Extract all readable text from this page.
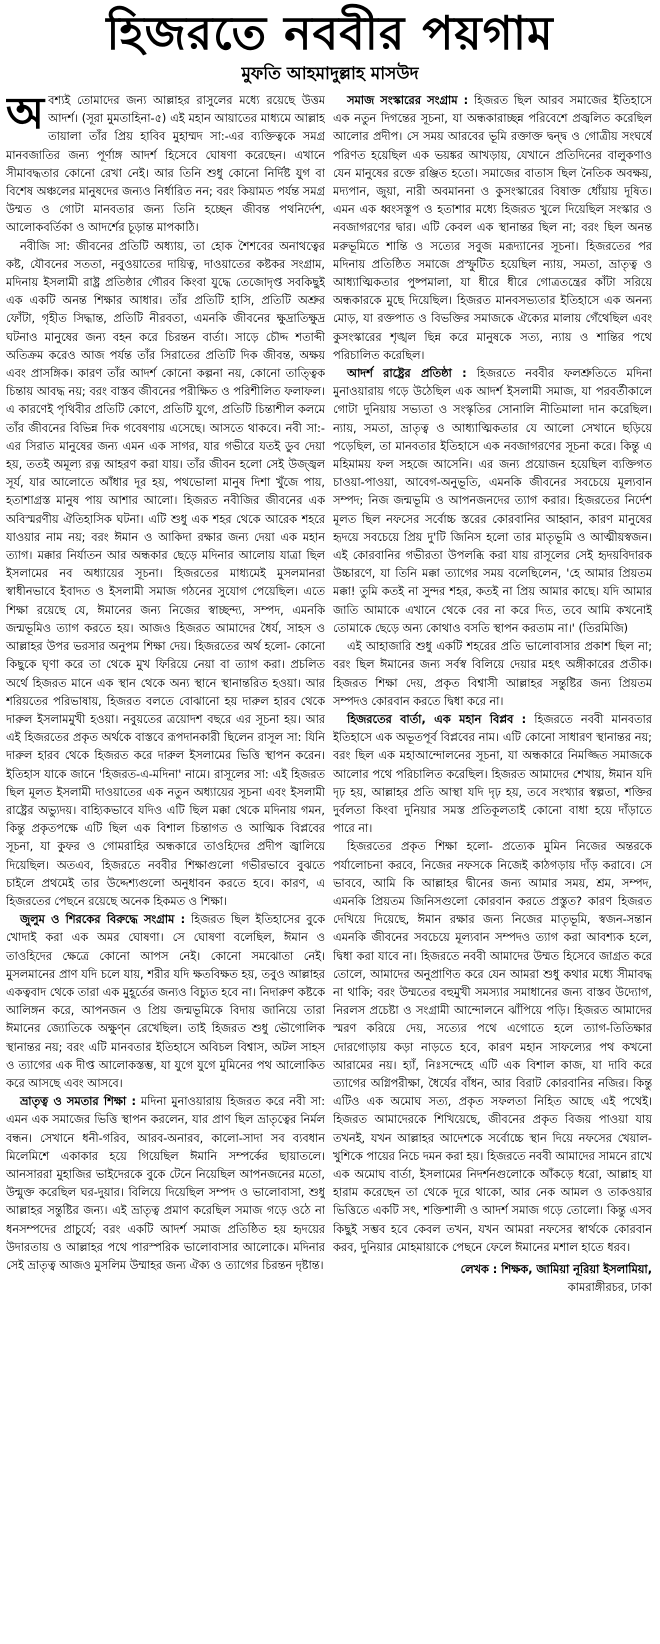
হিজরতে নববীর পয়গাম
মুফতি আহমাদুল্লাহ মাসউদ

অবশ্যই তোমাদের জন্য আল্লাহর রাসুলের মধ্যে রয়েছে উত্তম আদর্শ। (সূরা মুমতাহিনা-৫) এই মহান আয়াতের মাধ্যমে আল্লাহ তায়ালা তাঁর প্রিয় হাবিব মুহাম্মদ সা:-এর ব্যক্তিত্বকে সমগ্র মানবজাতির জন্য পূর্ণাঙ্গ আদর্শ হিসেবে ঘোষণা করেছেন। এখানে সীমাবদ্ধতার কোনো রেখা নেই। আর তিনি শুধু কোনো নির্দিষ্ট যুগ বা বিশেষ অঞ্চলের মানুষদের জন্যও নির্ধারিত নন; বরং কিয়ামত পর্যন্ত সমগ্র উম্মত ও গোটা মানবতার জন্য তিনি হচ্ছেন জীবন্ত পথনির্দেশ, আলোকবর্তিকা ও আদর্শের চূড়ান্ত মাপকাঠি।

নবীজি সা: জীবনের প্রতিটি অধ্যায়, তা হোক শৈশবের অনাথত্বের কষ্ট, যৌবনের সততা, নবুওয়াতের দায়িত্ব, দাওয়াতের কষ্টকর সংগ্রাম, মদিনায় ইসলামী রাষ্ট্র প্রতিষ্ঠার গৌরব কিংবা যুদ্ধে তেজোদৃপ্ত সবকিছুই এক একটি অনন্ত শিক্ষার আধার। তাঁর প্রতিটি হাসি, প্রতিটি অশ্রুর ফোঁটা, গৃহীত সিদ্ধান্ত, প্রতিটি নীরবতা, এমনকি জীবনের ক্ষুদ্রাতিক্ষুদ্র ঘটনাও মানুষের জন্য বহন করে চিরন্তন বার্তা। সাড়ে চৌদ্দ শতাব্দী অতিক্রম করেও আজ পর্যন্ত তাঁর সিরাতের প্রতিটি দিক জীবন্ত, অক্ষয় এবং প্রাসঙ্গিক। কারণ তাঁর আদর্শ কোনো কল্পনা নয়, কোনো তাত্ত্বিক চিন্তায় আবদ্ধ নয়; বরং বাস্তব জীবনের পরীক্ষিত ও পরিশীলিত ফলাফল। এ কারণেই পৃথিবীর প্রতিটি কোণে, প্রতিটি যুগে, প্রতিটি চিন্তাশীল কলমে তাঁর জীবনের বিভিন্ন দিক গবেষণায় এসেছে। আসতে থাকবে। নবী সা:-এর সিরাত মানুষের জন্য এমন এক সাগর, যার গভীরে যতই ডুব দেয়া হয়, ততই অমূল্য রত্ন আহরণ করা যায়। তাঁর জীবন হলো সেই উজ্জ্বল সূর্য, যার আলোতে আঁধার দূর হয়, পথভোলা মানুষ দিশা খুঁজে পায়, হতাশাগ্রস্ত মানুষ পায় আশার আলো। হিজরত নবীজির জীবনের এক অবিস্মরণীয় ঐতিহাসিক ঘটনা। এটি শুধু এক শহর থেকে আরেক শহরে যাওয়ার নাম নয়; বরং ঈমান ও আকিদা রক্ষার জন্য দেয়া এক মহান ত্যাগ। মক্কার নির্যাতন আর অন্ধকার ছেড়ে মদিনার আলোয় যাত্রা ছিল ইসলামের নব অধ্যায়ের সূচনা। হিজরতের মাধ্যমেই মুসলমানরা স্বাধীনভাবে ইবাদত ও ইসলামী সমাজ গঠনের সুযোগ পেয়েছিল। এতে শিক্ষা রয়েছে যে, ঈমানের জন্য নিজের স্বাচ্ছন্দ্য, সম্পদ, এমনকি জন্মভূমিও ত্যাগ করতে হয়। আজও হিজরত আমাদের ধৈর্য, সাহস ও আল্লাহর উপর ভরসার অনুপম শিক্ষা দেয়। হিজরতের অর্থ হলো- কোনো কিছুকে ঘৃণা করে তা থেকে মুখ ফিরিয়ে নেয়া বা ত্যাগ করা। প্রচলিত অর্থে হিজরত মানে এক স্থান থেকে অন্য স্থানে স্থানান্তরিত হওয়া। আর শরিয়তের পরিভাষায়, হিজরত বলতে বোঝানো হয় দারুল হারব থেকে দারুল ইসলামমুখী হওয়া। নবুয়তের ত্রয়োদশ বছরে এর সূচনা হয়। আর এই হিজরতের প্রকৃত অর্থকে বাস্তবে রূপদানকারী ছিলেন রাসূল সা: যিনি দারুল হারব থেকে হিজরত করে দারুল ইসলামের ভিত্তি স্থাপন করেন। ইতিহাস যাকে জানে 'হিজরত-এ-মদিনা' নামে। রাসূলের সা: এই হিজরত ছিল মূলত ইসলামী দাওয়াতের এক নতুন অধ্যায়ের সূচনা এবং ইসলামী রাষ্ট্রের অভ্যুদয়। বাহ্যিকভাবে যদিও এটি ছিল মক্কা থেকে মদিনায় গমন, কিন্তু প্রকৃতপক্ষে এটি ছিল এক বিশাল চিন্তাগত ও আত্মিক বিপ্লবের সূচনা, যা কুফর ও গোমরাহির অন্ধকারে তাওহিদের প্রদীপ জ্বালিয়ে দিয়েছিল। অতএব, হিজরতে নববীর শিক্ষাগুলো গভীরভাবে বুঝতে চাইলে প্রথমেই তার উদ্দেশ্যগুলো অনুধাবন করতে হবে। কারণ, এ হিজরতের পেছনে রয়েছে অনেক হিকমত ও শিক্ষা।

জুলুম ও শিরকের বিরুদ্ধে সংগ্রাম : হিজরত ছিল ইতিহাসের বুকে খোদাই করা এক অমর ঘোষণা। সে ঘোষণা বলেছিল, ঈমান ও তাওহিদের ক্ষেত্রে কোনো আপস নেই। কোনো সমঝোতা নেই। মুসলমানের প্রাণ যদি চলে যায়, শরীর যদি ক্ষতবিক্ষত হয়, তবুও আল্লাহর একত্ববাদ থেকে তারা এক মুহূর্তের জন্যও বিচ্যুত হবে না। নিদারুণ কষ্টকে আলিঙ্গন করে, আপনজন ও প্রিয় জন্মভূমিকে বিদায় জানিয়ে তারা ঈমানের জ্যোতিকে অক্ষুণ্ন রেখেছিল। তাই হিজরত শুধু ভৌগোলিক স্থানান্তর নয়; বরং এটি মানবতার ইতিহাসে অবিচল বিশ্বাস, অটল সাহস ও ত্যাগের এক দীপ্ত আলোকস্তম্ভ, যা যুগে যুগে মুমিনের পথ আলোকিত করে আসছে এবং আসবে।

ভ্রাতৃত্ব ও সমতার শিক্ষা : মদিনা মুনাওয়ারায় হিজরত করে নবী সা: এমন এক সমাজের ভিত্তি স্থাপন করলেন, যার প্রাণ ছিল ভ্রাতৃত্বের নির্মল বন্ধন। সেখানে ধনী-গরিব, আরব-অনারব, কালো-সাদা সব ব্যবধান মিলেমিশে একাকার হয়ে গিয়েছিল ঈমানি সম্পর্কের ছায়াতলে। আনসাররা মুহাজির ভাইদেরকে বুকে টেনে নিয়েছিল আপনজনের মতো, উন্মুক্ত করেছিল ঘর-দুয়ার। বিলিয়ে দিয়েছিল সম্পদ ও ভালোবাসা, শুধু আল্লাহর সন্তুষ্টির জন্য। এই ভ্রাতৃত্ব প্রমাণ করেছিল সমাজ গড়ে ওঠে না ধনসম্পদের প্রাচুর্যে; বরং একটি আদর্শ সমাজ প্রতিষ্ঠিত হয় হৃদয়ের উদারতায় ও আল্লাহর পথে পারস্পরিক ভালোবাসার আলোকে। মদিনার সেই ভ্রাতৃত্ব আজও মুসলিম উম্মাহর জন্য ঐক্য ও ত্যাগের চিরন্তন দৃষ্টান্ত।

সমাজ সংস্কারের সংগ্রাম : হিজরত ছিল আরব সমাজের ইতিহাসে এক নতুন দিগন্তের সূচনা, যা অন্ধকারাচ্ছন্ন পরিবেশে প্রজ্বলিত করেছিল আলোর প্রদীপ। সে সময় আরবের ভূমি রক্তাক্ত দ্বন্দ্ব ও গোত্রীয় সংঘর্ষে পরিণত হয়েছিল এক ভয়ঙ্কর আখড়ায়, যেখানে প্রতিদিনের বালুকণাও যেন মানুষের রক্তে রঞ্জিত হতো। সমাজের বাতাস ছিল নৈতিক অবক্ষয়, মদ্যপান, জুয়া, নারী অবমাননা ও কুসংস্কারের বিষাক্ত ধোঁয়ায় দূষিত। এমন এক ধ্বংসস্তূপ ও হতাশার মধ্যে হিজরত খুলে দিয়েছিল সংস্কার ও নবজাগরণের দ্বার। এটি কেবল এক স্থানান্তর ছিল না; বরং ছিল অনন্ত মরুভূমিতে শান্তি ও সত্যের সবুজ মরূদ্যানের সূচনা। হিজরতের পর মদিনায় প্রতিষ্ঠিত সমাজে প্রস্ফুটিত হয়েছিল ন্যায়, সমতা, ভ্রাতৃত্ব ও আধ্যাত্মিকতার পুষ্পমালা, যা ধীরে ধীরে গোত্রতন্ত্রের কাঁটা সরিয়ে অন্ধকারকে মুছে দিয়েছিল। হিজরত মানবসভ্যতার ইতিহাসে এক অনন্য মোড়, যা রক্তপাত ও বিভক্তির সমাজকে ঐক্যের মালায় গেঁথেছিল এবং কুসংস্কারের শৃঙ্খল ছিন্ন করে মানুষকে সত্য, ন্যায় ও শান্তির পথে পরিচালিত করেছিল।

আদর্শ রাষ্ট্রের প্রতিষ্ঠা : হিজরতে নববীর ফলশ্রুতিতে মদিনা মুনাওয়ারায় গড়ে উঠেছিল এক আদর্শ ইসলামী সমাজ, যা পরবর্তীকালে গোটা দুনিয়ায় সভ্যতা ও সংস্কৃতির সোনালি নীতিমালা দান করেছিল। ন্যায়, সমতা, ভ্রাতৃত্ব ও আধ্যাত্মিকতার যে আলো সেখানে ছড়িয়ে পড়েছিল, তা মানবতার ইতিহাসে এক নবজাগরণের সূচনা করে। কিন্তু এ মহিমাময় ফল সহজে আসেনি। এর জন্য প্রয়োজন হয়েছিল ব্যক্তিগত চাওয়া-পাওয়া, আবেগ-অনুভূতি, এমনকি জীবনের সবচেয়ে মূল্যবান সম্পদ; নিজ জন্মভূমি ও আপনজনদের ত্যাগ করার। হিজরতের নির্দেশ মূলত ছিল নফসের সর্বোচ্চ স্তরের কোরবানির আহ্বান, কারণ মানুষের হৃদয়ে সবচেয়ে প্রিয় দু'টি জিনিস হলো তার মাতৃভূমি ও আত্মীয়স্বজন। এই কোরবানির গভীরতা উপলব্ধি করা যায় রাসূলের সেই হৃদয়বিদারক উচ্চারণে, যা তিনি মক্কা ত্যাগের সময় বলেছিলেন, 'হে আমার প্রিয়তম মক্কা! তুমি কতই না সুন্দর শহর, কতই না প্রিয় আমার কাছে। যদি আমার জাতি আমাকে এখানে থেকে বের না করে দিত, তবে আমি কখনোই তোমাকে ছেড়ে অন্য কোথাও বসতি স্থাপন করতাম না।' (তিরমিজি)

এই আহাজারি শুধু একটি শহরের প্রতি ভালোবাসার প্রকাশ ছিল না; বরং ছিল ঈমানের জন্য সর্বস্ব বিলিয়ে দেয়ার মহৎ অঙ্গীকারের প্রতীক। হিজরত শিক্ষা দেয়, প্রকৃত বিশ্বাসী আল্লাহর সন্তুষ্টির জন্য প্রিয়তম সম্পদও কোরবান করতে দ্বিধা করে না।

হিজরতের বার্তা, এক মহান বিপ্লব : হিজরতে নববী মানবতার ইতিহাসে এক অভূতপূর্ব বিপ্লবের নাম। এটি কোনো সাধারণ স্থানান্তর নয়; বরং ছিল এক মহাআন্দোলনের সূচনা, যা অন্ধকারে নিমজ্জিত সমাজকে আলোর পথে পরিচালিত করেছিল। হিজরত আমাদের শেখায়, ঈমান যদি দৃঢ় হয়, আল্লাহর প্রতি আস্থা যদি দৃঢ় হয়, তবে সংখ্যার স্বল্পতা, শক্তির দুর্বলতা কিংবা দুনিয়ার সমস্ত প্রতিকূলতাই কোনো বাধা হয়ে দাঁড়াতে পারে না।

হিজরতের প্রকৃত শিক্ষা হলো- প্রত্যেক মুমিন নিজের অন্তরকে পর্যালোচনা করবে, নিজের নফসকে নিজেই কাঠগড়ায় দাঁড় করাবে। সে ভাববে, আমি কি আল্লাহর দ্বীনের জন্য আমার সময়, শ্রম, সম্পদ, এমনকি প্রিয়তম জিনিসগুলো কোরবান করতে প্রস্তুত? কারণ হিজরত দেখিয়ে দিয়েছে, ঈমান রক্ষার জন্য নিজের মাতৃভূমি, স্বজন-সন্তান এমনকি জীবনের সবচেয়ে মূল্যবান সম্পদও ত্যাগ করা আবশ্যক হলে, দ্বিধা করা যাবে না। হিজরতে নববী আমাদের উম্মত হিসেবে জাগ্রত করে তোলে, আমাদের অনুপ্রাণিত করে যেন আমরা শুধু কথার মধ্যে সীমাবদ্ধ না থাকি; বরং উম্মতের বহুমুখী সমস্যার সমাধানের জন্য বাস্তব উদ্যোগ, নিরলস প্রচেষ্টা ও সংগ্রামী আন্দোলনে ঝাঁপিয়ে পড়ি। হিজরত আমাদের স্মরণ করিয়ে দেয়, সত্যের পথে এগোতে হলে ত্যাগ-তিতিক্ষার দোরগোড়ায় কড়া নাড়তে হবে, কারণ মহান সাফল্যের পথ কখনো আরামের নয়। হ্যাঁ, নিঃসন্দেহে এটি এক বিশাল কাজ, যা দাবি করে ত্যাগের অগ্নিপরীক্ষা, ধৈর্যের বাঁধন, আর বিরাট কোরবানির নজির। কিন্তু এটিও এক অমোঘ সত্য, প্রকৃত সফলতা নিহিত আছে এই পথেই। হিজরত আমাদেরকে শিখিয়েছে, জীবনের প্রকৃত বিজয় পাওয়া যায় তখনই, যখন আল্লাহর আদেশকে সর্বোচ্চে স্থান দিয়ে নফসের খেয়াল-খুশিকে পায়ের নিচে দমন করা হয়। হিজরতে নববী আমাদের সামনে রাখে এক অমোঘ বার্তা, ইসলামের নিদর্শনগুলোকে আঁকড়ে ধরো, আল্লাহ যা হারাম করেছেন তা থেকে দূরে থাকো, আর নেক আমল ও তাকওয়ার ভিত্তিতে একটি সৎ, শক্তিশালী ও আদর্শ সমাজ গড়ে তোলো। কিন্তু এসব কিছুই সম্ভব হবে কেবল তখন, যখন আমরা নফসের স্বার্থকে কোরবান করব, দুনিয়ার মোহমায়াকে পেছনে ফেলে ঈমানের মশাল হাতে ধরব।

লেখক : শিক্ষক, জামিয়া নূরিয়া ইসলামিয়া,
কামরাঙ্গীরচর, ঢাকা
